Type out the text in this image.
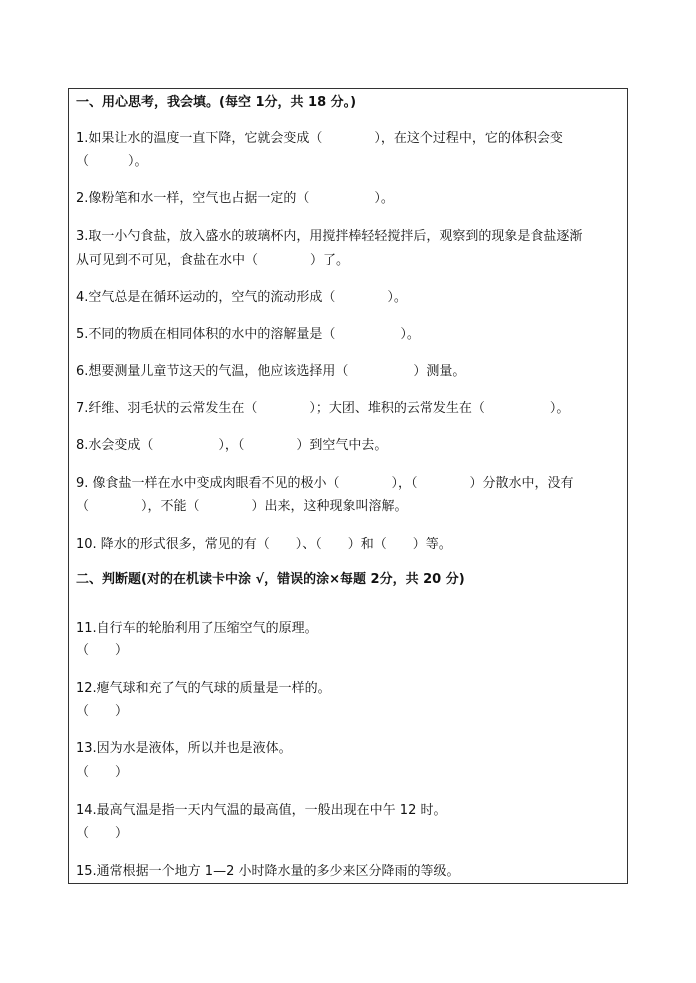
一、用心思考，我会填。(每空 1分，共 18 分。)
1.如果让水的温度一直下降，它就会变成（　　　　），在这个过程中，它的体积会变
（　　　）。
2.像粉笔和水一样，空气也占据一定的（　　　　　）。
3.取一小勺食盐，放入盛水的玻璃杯内，用搅拌棒轻轻搅拌后，观察到的现象是食盐逐渐
从可见到不可见，食盐在水中（　　　　）了。
4.空气总是在循环运动的，空气的流动形成（　　　　）。
5.不同的物质在相同体积的水中的溶解量是（　　　　　）。
6.想要测量儿童节这天的气温，他应该选择用（　　　　　）测量。
7.纤维、羽毛状的云常发生在（　　　　）；大团、堆积的云常发生在（　　　　　）。
8.水会变成（　　　　　），（　　　　）到空气中去。
9. 像食盐一样在水中变成肉眼看不见的极小（　　　　），（　　　　）分散水中，没有
（　　　　），不能（　　　　）出来，这种现象叫溶解。
10. 降水的形式很多，常见的有（　　）、（　　）和（　　）等。
二、判断题(对的在机读卡中涂 √，错误的涂×每题 2分，共 20 分)
11.自行车的轮胎利用了压缩空气的原理。
（　　）
12.瘪气球和充了气的气球的质量是一样的。
（　　）
13.因为水是液体，所以并也是液体。
（　　）
14.最高气温是指一天内气温的最高值，一般出现在中午 12 时。
（　　）
15.通常根据一个地方 1—2 小时降水量的多少来区分降雨的等级。
